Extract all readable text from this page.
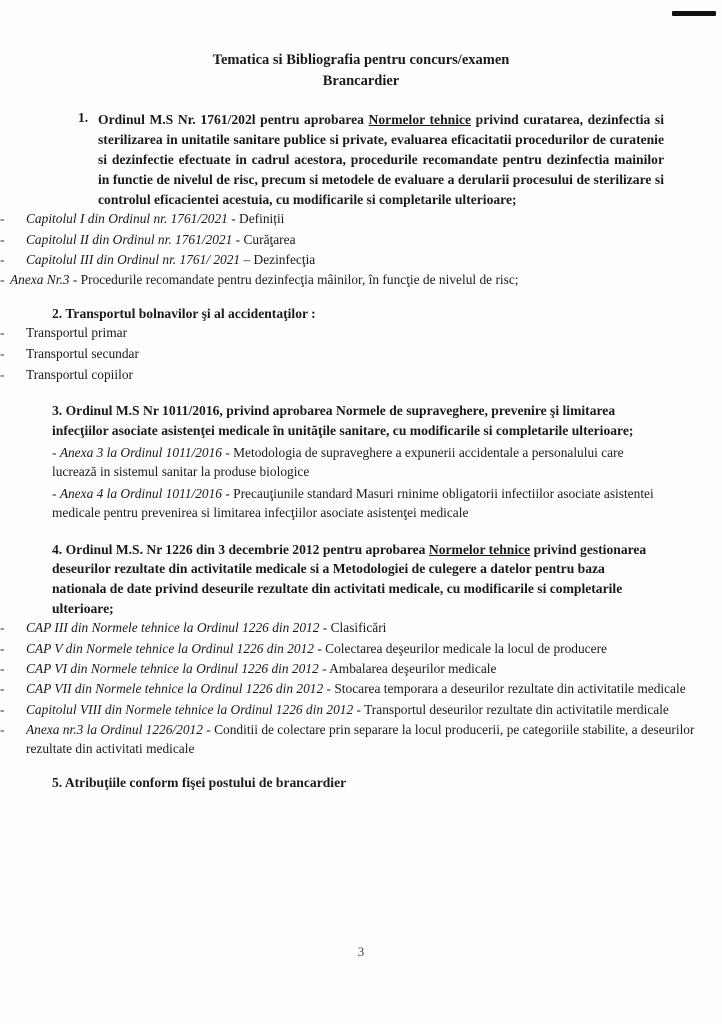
Tematica si Bibliografia pentru concurs/examen
Brancardier
1. Ordinul M.S Nr. 1761/202l pentru aprobarea Normelor tehnice privind curatarea, dezinfectia si sterilizarea in unitatile sanitare publice si private, evaluarea eficacitatii procedurilor de curatenie si dezinfectie efectuate in cadrul acestora, procedurile recomandate pentru dezinfectia mainilor in functie de nivelul de risc, precum si metodele de evaluare a derularii procesului de sterilizare si controlul eficacientei acestuia, cu modificarile si completarile ulterioare;
- Capitolul I din Ordinul nr. 1761/2021 - Definiții
- Capitolul II din Ordinul nr. 1761/2021 - Curăţarea
- Capitolul III din Ordinul nr. 1761/ 2021 – Dezinfecţia
- Anexa Nr.3 - Procedurile recomandate pentru dezinfecţia mâinilor, în funcţie de nivelul de risc;
2. Transportul bolnavilor şi al accidentaţilor :
- Transportul primar
- Transportul secundar
- Transportul copiilor
3. Ordinul M.S Nr 1011/2016, privind aprobarea Normele de supraveghere, prevenire şi limitarea infecţiilor asociate asistenţei medicale în unităţile sanitare, cu modificarile si completarile ulterioare;

- Anexa 3 la Ordinul 1011/2016 - Metodologia de supraveghere a expunerii accidentale a personalului care lucrează in sistemul sanitar la produse biologice

- Anexa 4 la Ordinul 1011/2016 - Precauţiunile standard Masuri rninime obligatorii infectiilor asociate asistentei medicale pentru prevenirea si limitarea infecţiilor asociate asistenţei medicale

4. Ordinul M.S. Nr 1226 din 3 decembrie 2012 pentru aprobarea Normelor tehnice privind gestionarea deseurilor rezultate din activitatile medicale si a Metodologiei de culegere a datelor pentru baza nationala de date privind deseurile rezultate din activitati medicale, cu modificarile si completarile ulterioare;
- CAP III din Normele tehnice la Ordinul 1226 din 2012 - Clasificări
- CAP V din Normele tehnice la Ordinul 1226 din 2012 - Colectarea deşeurilor medicale la locul de producere
- CAP VI din Normele tehnice la Ordinul 1226 din 2012 - Ambalarea deşeurilor medicale
- CAP VII din Normele tehnice la Ordinul 1226 din 2012 - Stocarea temporara a deseurilor rezultate din activitatile medicale
- Capitolul VIII din Normele tehnice la Ordinul 1226 din 2012 - Transportul deseurilor rezultate din activitatile merdicale
- Anexa nr.3 la Ordinul 1226/2012 - Conditii de colectare prin separare la locul producerii, pe categoriile stabilite, a deseurilor rezultate din activitati medicale
5. Atribuţiile conform fişei postului de brancardier
3
